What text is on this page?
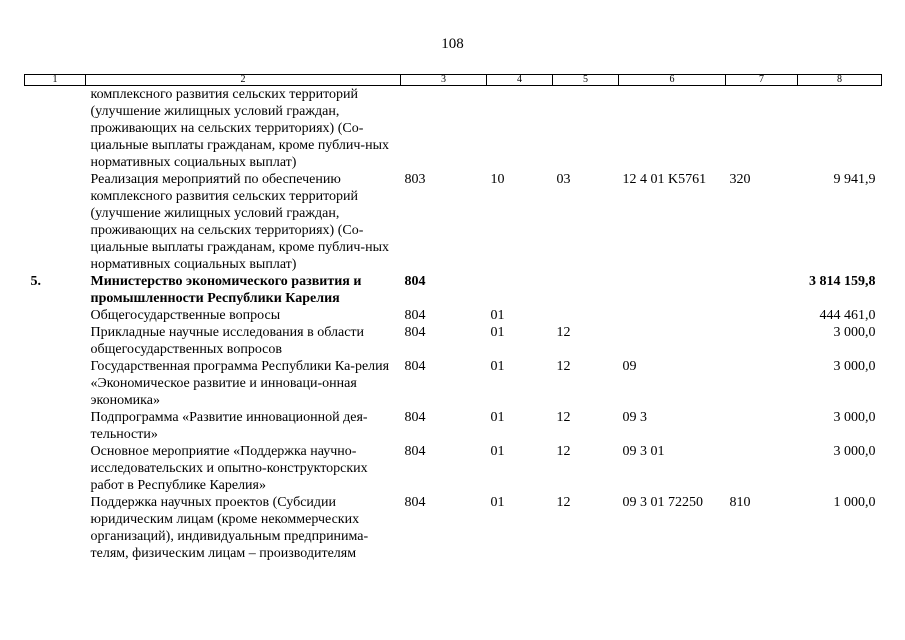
108
1	2	3	4	5	6	7	8
	комплексного развития сельских территорий (улучшение жилищных условий граждан, проживающих на сельских территориях) (Со-циальные выплаты гражданам, кроме публич-ных нормативных социальных выплат)						
	Реализация мероприятий по обеспечению комплексного развития сельских территорий (улучшение жилищных условий граждан, проживающих на сельских территориях) (Со-циальные выплаты гражданам, кроме публич-ных нормативных социальных выплат)	803	10	03	12 4 01 K5761	320	9 941,9
5.	Министерство экономического развития и промышленности Республики Карелия	804					3 814 159,8
	Общегосударственные вопросы	804	01				444 461,0
	Прикладные научные исследования в области общегосударственных вопросов	804	01	12			3 000,0
	Государственная программа Республики Ка-релия «Экономическое развитие и инноваци-онная экономика»	804	01	12	09		3 000,0
	Подпрограмма «Развитие инновационной дея-тельности»	804	01	12	09 3		3 000,0
	Основное мероприятие «Поддержка научно-исследовательских и опытно-конструкторских работ в Республике Карелия»	804	01	12	09 3 01		3 000,0
	Поддержка научных проектов (Субсидии юридическим лицам (кроме некоммерческих организаций), индивидуальным предпринима-телям, физическим лицам – производителям	804	01	12	09 3 01 72250	810	1 000,0
